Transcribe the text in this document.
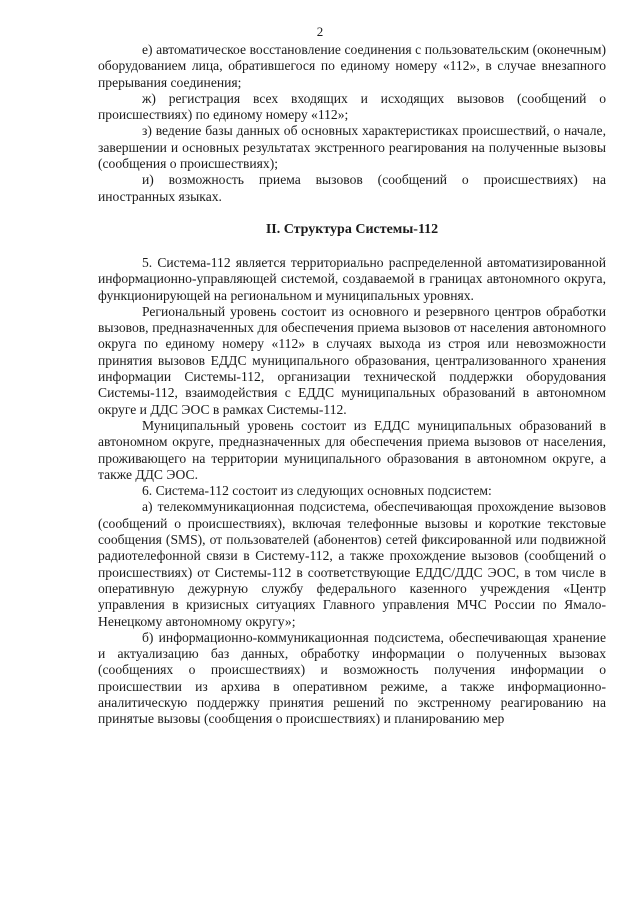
2

е) автоматическое восстановление соединения с пользовательским (оконечным) оборудованием лица, обратившегося по единому номеру «112», в случае внезапного прерывания соединения;

ж) регистрация всех входящих и исходящих вызовов (сообщений о происшествиях) по единому номеру «112»;

з) ведение базы данных об основных характеристиках происшествий, о начале, завершении и основных результатах экстренного реагирования на полученные вызовы (сообщения о происшествиях);

и) возможность приема вызовов (сообщений о происшествиях) на иностранных языках.

II. Структура Системы-112

5. Система-112 является территориально распределенной автоматизированной информационно-управляющей системой, создаваемой в границах автономного округа, функционирующей на региональном и муниципальных уровнях.

Региональный уровень состоит из основного и резервного центров обработки вызовов, предназначенных для обеспечения приема вызовов от населения автономного округа по единому номеру «112» в случаях выхода из строя или невозможности принятия вызовов ЕДДС муниципального образования, централизованного хранения информации Системы-112, организации технической поддержки оборудования Системы-112, взаимодействия с ЕДДС муниципальных образований в автономном округе и ДДС ЭОС в рамках Системы-112.

Муниципальный уровень состоит из ЕДДС муниципальных образований в автономном округе, предназначенных для обеспечения приема вызовов от населения, проживающего на территории муниципального образования в автономном округе, а также ДДС ЭОС.

6. Система-112 состоит из следующих основных подсистем:

а) телекоммуникационная подсистема, обеспечивающая прохождение вызовов (сообщений о происшествиях), включая телефонные вызовы и короткие текстовые сообщения (SMS), от пользователей (абонентов) сетей фиксированной или подвижной радиотелефонной связи в Систему-112, а также прохождение вызовов (сообщений о происшествиях) от Системы-112 в соответствующие ЕДДС/ДДС ЭОС, в том числе в оперативную дежурную службу федерального казенного учреждения «Центр управления в кризисных ситуациях Главного управления МЧС России по Ямало-Ненецкому автономному округу»;

б) информационно-коммуникационная подсистема, обеспечивающая хранение и актуализацию баз данных, обработку информации о полученных вызовах (сообщениях о происшествиях) и возможность получения информации о происшествии из архива в оперативном режиме, а также информационно-аналитическую поддержку принятия решений по экстренному реагированию на принятые вызовы (сообщения о происшествиях) и планированию мер
